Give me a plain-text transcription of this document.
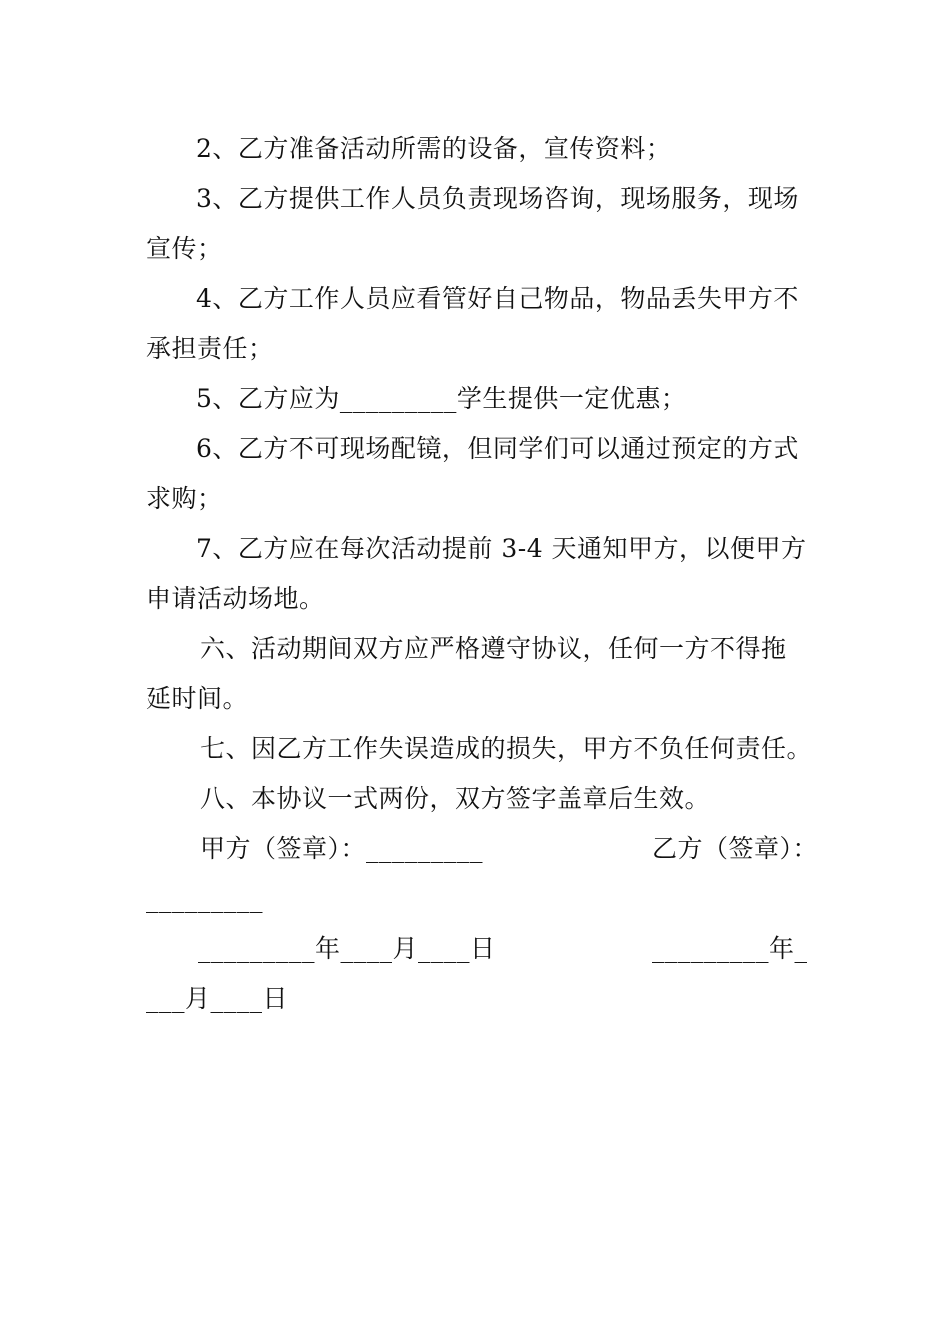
2、乙方准备活动所需的设备，宣传资料；
3、乙方提供工作人员负责现场咨询，现场服务，现场
宣传；
4、乙方工作人员应看管好自己物品，物品丢失甲方不
承担责任；
5、乙方应为_________学生提供一定优惠；
6、乙方不可现场配镜，但同学们可以通过预定的方式
求购；
7、乙方应在每次活动提前 3-4 天通知甲方，以便甲方
申请活动场地。
六、活动期间双方应严格遵守协议，任何一方不得拖
延时间。
七、因乙方工作失误造成的损失，甲方不负任何责任。
八、本协议一式两份，双方签字盖章后生效。
甲方（签章）：_________	乙方（签章）：
_________
_________年____月____日	_________年_
___月____日
